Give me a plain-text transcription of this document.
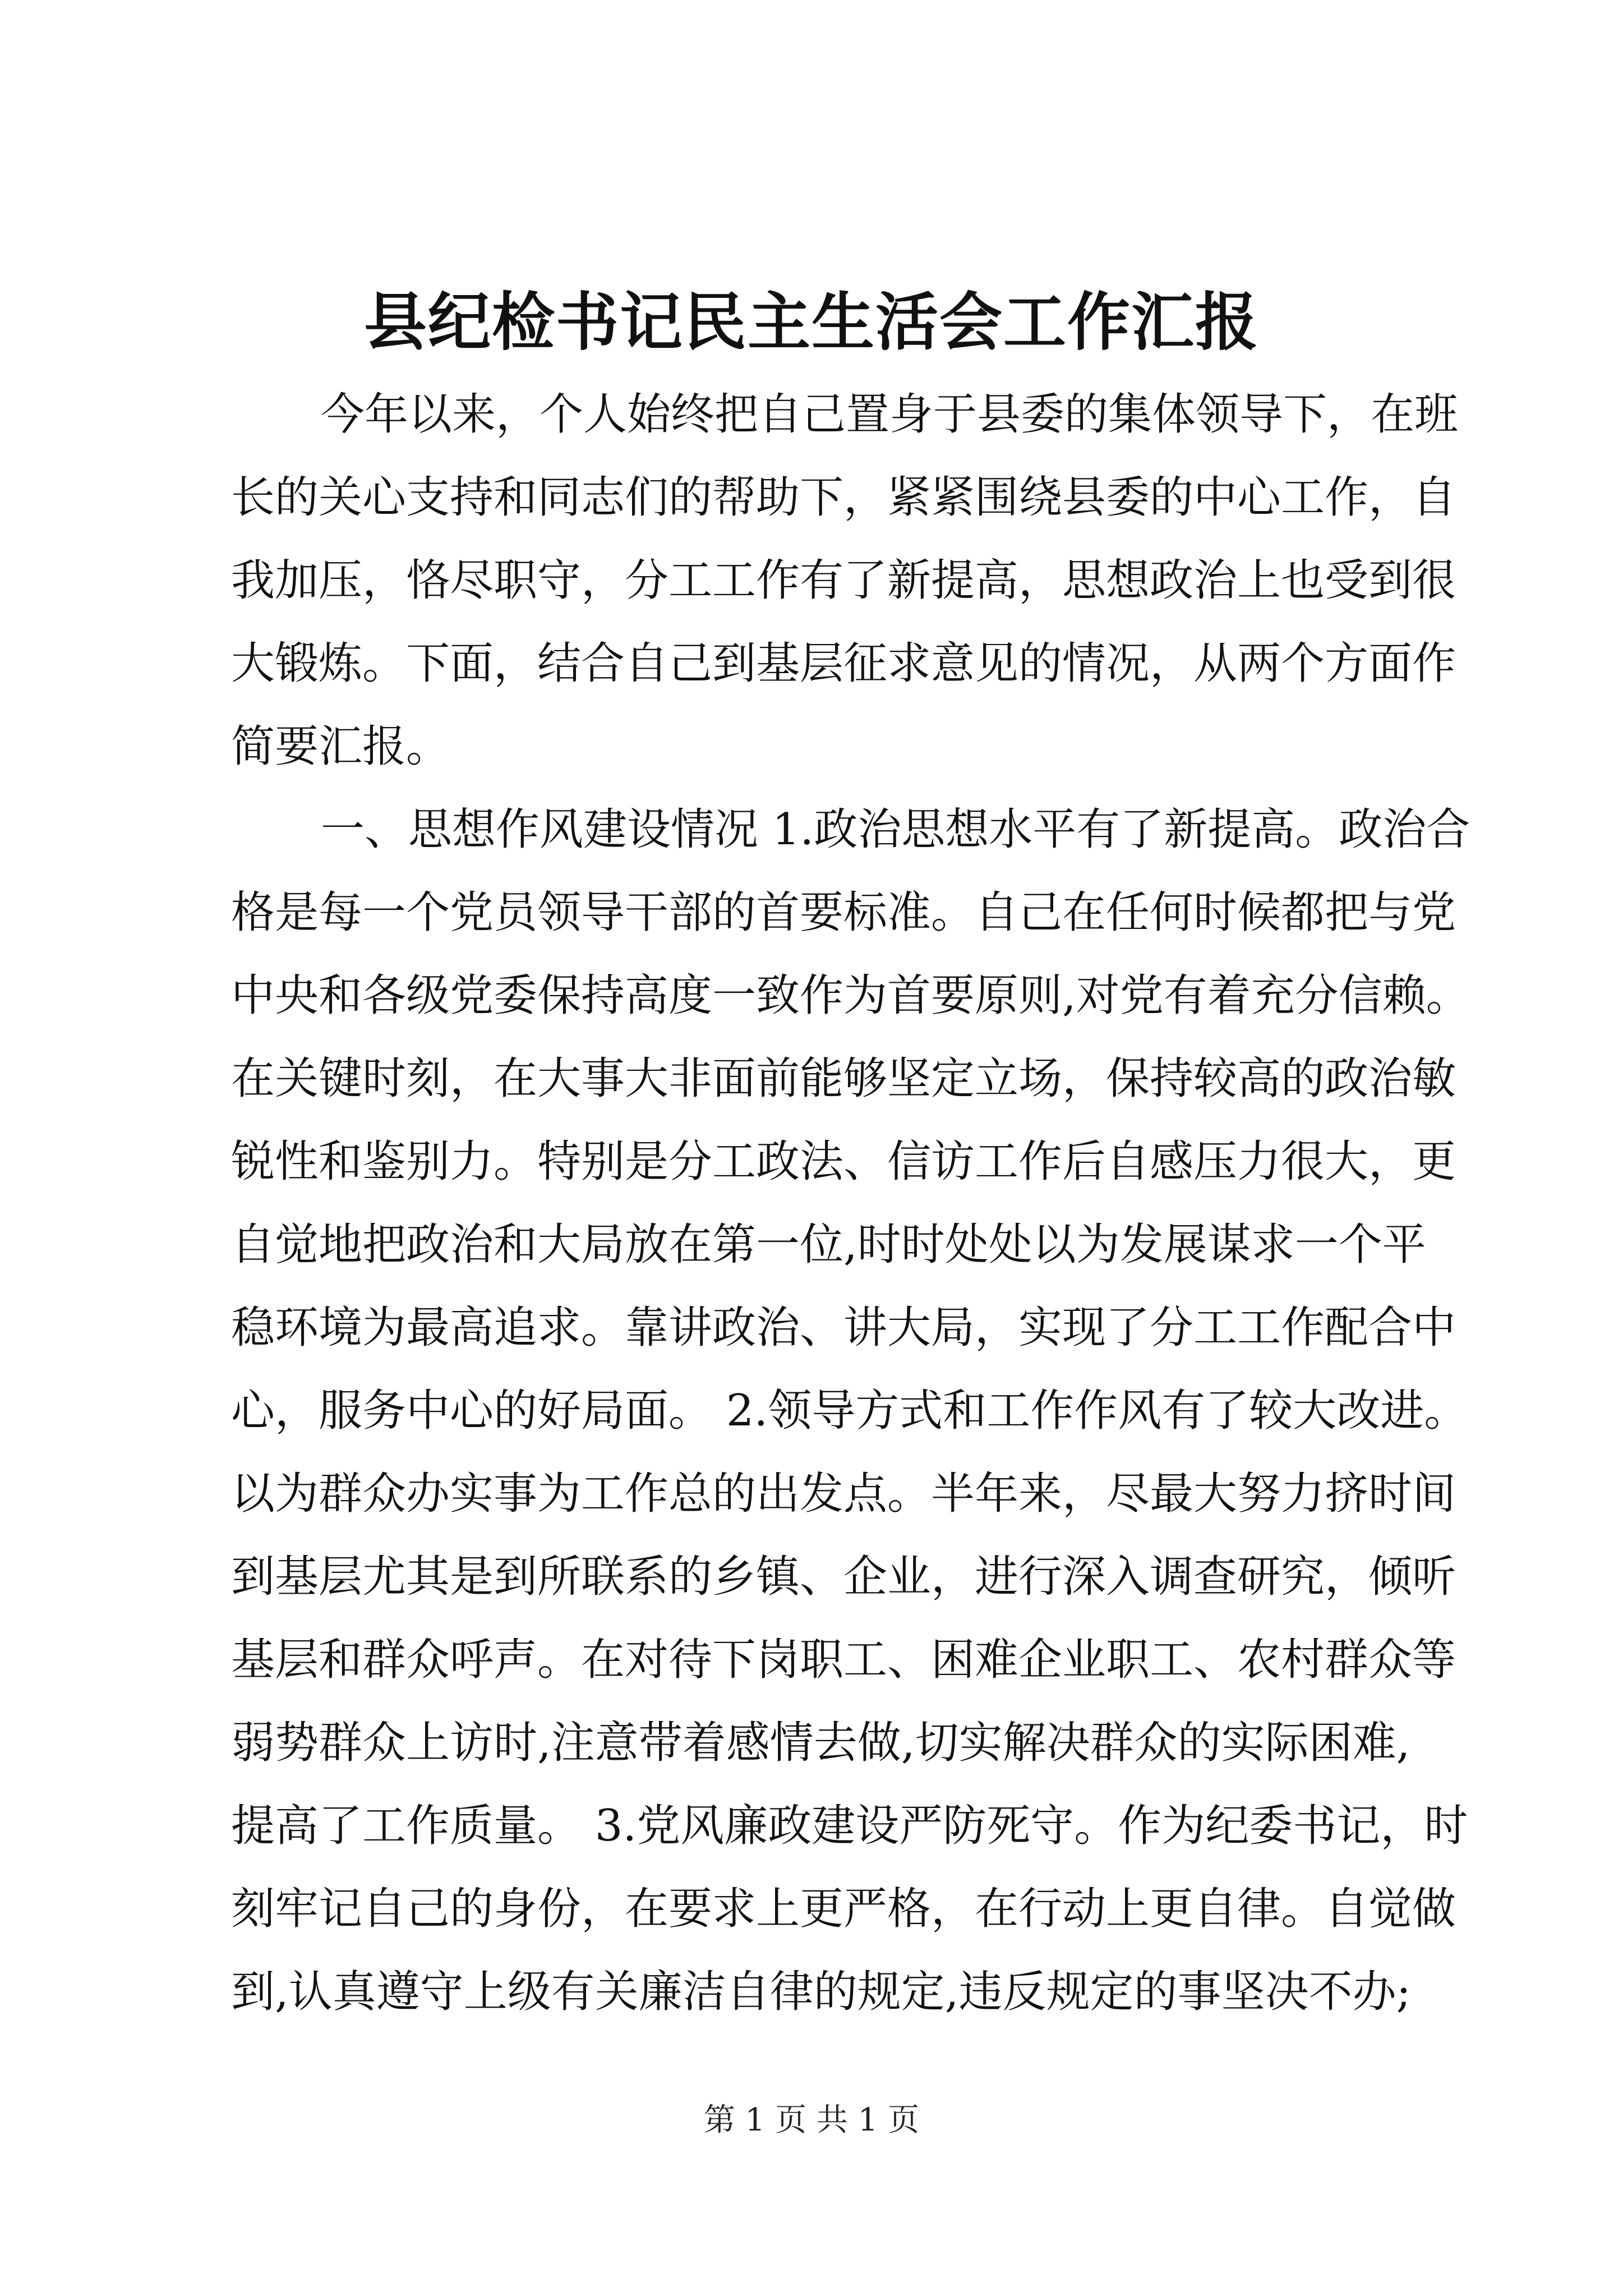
县纪检书记民主生活会工作汇报
今年以来，个人始终把自己置身于县委的集体领导下，在班
长的关心支持和同志们的帮助下，紧紧围绕县委的中心工作，自
我加压，恪尽职守，分工工作有了新提高，思想政治上也受到很
大锻炼。下面，结合自己到基层征求意见的情况，从两个方面作
简要汇报。
一、思想作风建设情况 1.政治思想水平有了新提高。政治合
格是每一个党员领导干部的首要标准。自己在任何时候都把与党
中央和各级党委保持高度一致作为首要原则,对党有着充分信赖。
在关键时刻，在大事大非面前能够坚定立场，保持较高的政治敏
锐性和鉴别力。特别是分工政法、信访工作后自感压力很大，更
自觉地把政治和大局放在第一位,时时处处以为发展谋求一个平
稳环境为最高追求。靠讲政治、讲大局，实现了分工工作配合中
心，服务中心的好局面。 2.领导方式和工作作风有了较大改进。
以为群众办实事为工作总的出发点。半年来，尽最大努力挤时间
到基层尤其是到所联系的乡镇、企业，进行深入调查研究，倾听
基层和群众呼声。在对待下岗职工、困难企业职工、农村群众等
弱势群众上访时,注意带着感情去做,切实解决群众的实际困难,
提高了工作质量。 3.党风廉政建设严防死守。作为纪委书记，时
刻牢记自己的身份，在要求上更严格，在行动上更自律。自觉做
到,认真遵守上级有关廉洁自律的规定,违反规定的事坚决不办;
第 1 页 共 1 页
